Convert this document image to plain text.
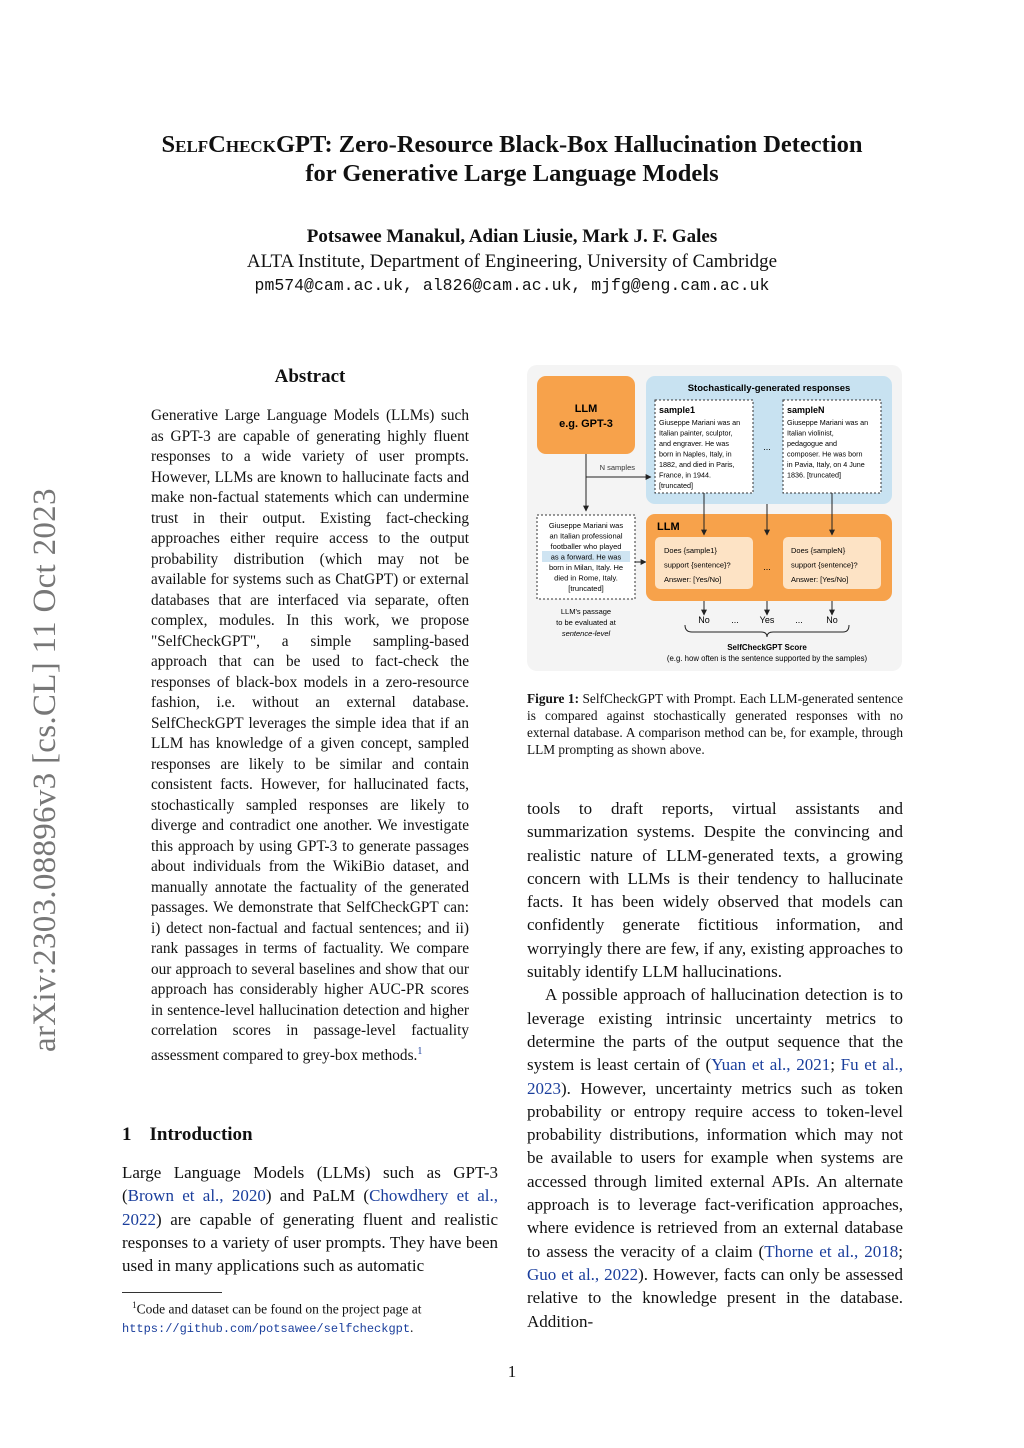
SelfCheckGPT: Zero-Resource Black-Box Hallucination Detection
for Generative Large Language Models
Potsawee Manakul, Adian Liusie, Mark J. F. Gales
ALTA Institute, Department of Engineering, University of Cambridge
pm574@cam.ac.uk, al826@cam.ac.uk, mjfg@eng.cam.ac.uk
arXiv:2303.08896v3 [cs.CL] 11 Oct 2023
Abstract
Generative Large Language Models (LLMs) such as GPT-3 are capable of generating highly fluent responses to a wide variety of user prompts. However, LLMs are known to hallucinate facts and make non-factual statements which can undermine trust in their output. Existing fact-checking approaches either require access to the output probability distribution (which may not be available for systems such as ChatGPT) or external databases that are interfaced via separate, often complex, modules. In this work, we propose "SelfCheckGPT", a simple sampling-based approach that can be used to fact-check the responses of black-box models in a zero-resource fashion, i.e. without an external database. SelfCheckGPT leverages the simple idea that if an LLM has knowledge of a given concept, sampled responses are likely to be similar and contain consistent facts. However, for hallucinated facts, stochastically sampled responses are likely to diverge and contradict one another. We investigate this approach by using GPT-3 to generate passages about individuals from the WikiBio dataset, and manually annotate the factuality of the generated passages. We demonstrate that SelfCheckGPT can: i) detect non-factual and factual sentences; and ii) rank passages in terms of factuality. We compare our approach to several baselines and show that our approach has considerably higher AUC-PR scores in sentence-level hallucination detection and higher correlation scores in passage-level factuality assessment compared to grey-box methods.$^1$
1 Introduction
Large Language Models (LLMs) such as GPT-3 (Brown et al., 2020) and PaLM (Chowdhery et al., 2022) are capable of generating fluent and realistic responses to a variety of user prompts. They have been used in many applications such as automatic
$^1$Code and dataset can be found on the project page at
https://github.com/potsawee/selfcheckgpt.
LLM
e.g. GPT-3
Stochastically-generated responses
sample1
Giuseppe Mariani was an
Italian painter, sculptor,
and engraver. He was
born in Naples, Italy, in
1882, and died in Paris,
France, in 1944.
[truncated]
...
sampleN
Giuseppe Mariani was an
Italian violinist,
pedagogue and
composer. He was born
in Pavia, Italy, on 4 June
1836. [truncated]
N samples
Giuseppe Mariani was
an Italian professional
footballer who played
as a forward. He was
born in Milan, Italy. He
died in Rome, Italy.
[truncated]
LLM's passage
to be evaluated at
sentence-level
LLM
Does {sample1}
support {sentence}?
Answer: [Yes/No]
...
Does {sampleN}
support {sentence}?
Answer: [Yes/No]
No ... Yes ...	No
SelfCheckGPT Score
(e.g. how often is the sentence supported by the samples)
Figure 1: SelfCheckGPT with Prompt. Each LLM-generated sentence is compared against stochastically generated responses with no external database. A comparison method can be, for example, through LLM prompting as shown above.

tools to draft reports, virtual assistants and summarization systems. Despite the convincing and realistic nature of LLM-generated texts, a growing concern with LLMs is their tendency to hallucinate facts. It has been widely observed that models can confidently generate fictitious information, and worryingly there are few, if any, existing approaches to suitably identify LLM hallucinations.

A possible approach of hallucination detection is to leverage existing intrinsic uncertainty metrics to determine the parts of the output sequence that the system is least certain of (Yuan et al., 2021; Fu et al., 2023). However, uncertainty metrics such as token probability or entropy require access to token-level probability distributions, information which may not be available to users for example when systems are accessed through limited external APIs. An alternate approach is to leverage fact-verification approaches, where evidence is retrieved from an external database to assess the veracity of a claim (Thorne et al., 2018; Guo et al., 2022). However, facts can only be assessed relative to the knowledge present in the database. Addition-

1
